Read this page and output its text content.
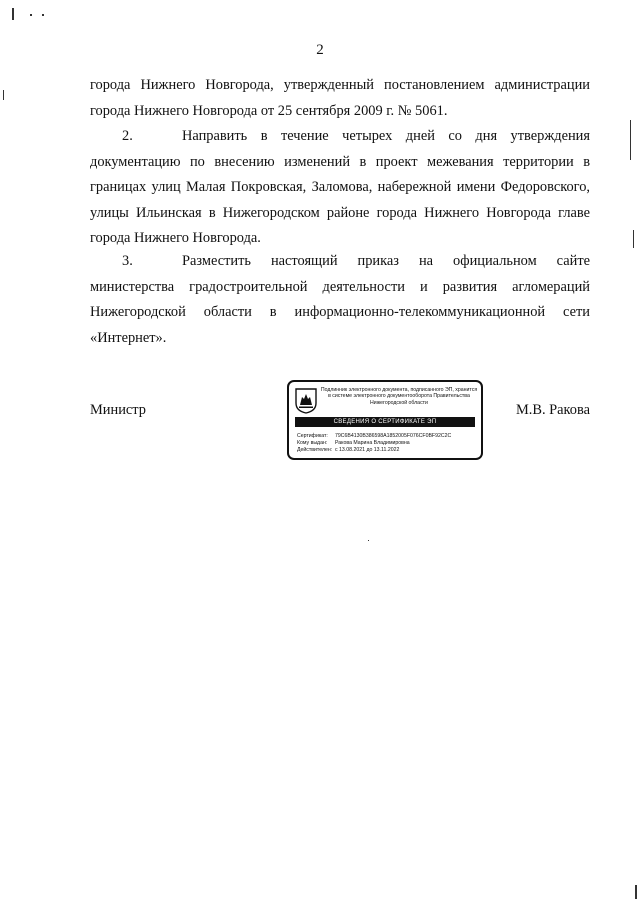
2
города Нижнего Новгорода, утвержденный постановлением администрации города Нижнего Новгорода от 25 сентября 2009 г. № 5061.
2.	Направить в течение четырех дней со дня утверждения документацию по внесению изменений в проект межевания территории в границах улиц Малая Покровская, Заломова, набережной имени Федоровского, улицы Ильинская в Нижегородском районе города Нижнего Новгорода главе города Нижнего Новгорода.
3.	Разместить настоящий приказ на официальном сайте министерства градостроительной деятельности и развития агломераций Нижегородской области в информационно-телекоммуникационной сети «Интернет».
Министр
Подлинник электронного документа, подписанного ЭП, хранится в системе электронного документооборота Правительства Нижегородской области
СВЕДЕНИЯ О СЕРТИФИКАТЕ ЭП
Сертификат: 79C6B4130B386598A1852005F076CF0BF92C2C
Кому выдан: Ракова Марина Владимировна
Действителен: с 13.08.2021 до 13.11.2022
М.В. Ракова
